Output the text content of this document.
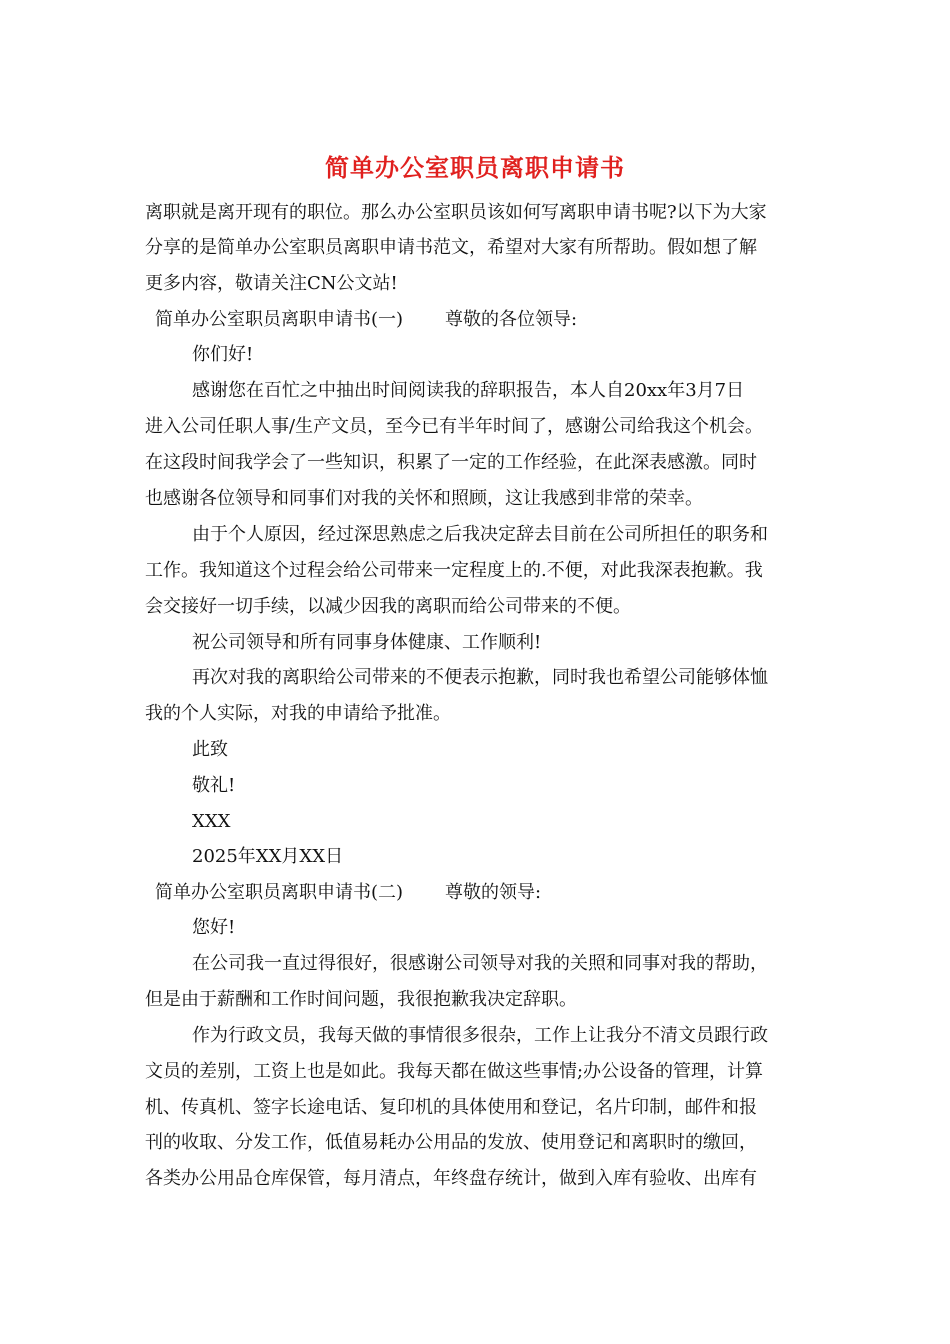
简单办公室职员离职申请书
离职就是离开现有的职位。那么办公室职员该如何写离职申请书呢?以下为大家
分享的是简单办公室职员离职申请书范文，希望对大家有所帮助。假如想了解
更多内容，敬请关注CN公文站!
简单办公室职员离职申请书(一) 尊敬的各位领导:
你们好!
感谢您在百忙之中抽出时间阅读我的辞职报告，本人自20xx年3月7日
进入公司任职人事/生产文员，至今已有半年时间了，感谢公司给我这个机会。
在这段时间我学会了一些知识，积累了一定的工作经验，在此深表感激。同时
也感谢各位领导和同事们对我的关怀和照顾，这让我感到非常的荣幸。
由于个人原因，经过深思熟虑之后我决定辞去目前在公司所担任的职务和
工作。我知道这个过程会给公司带来一定程度上的.不便，对此我深表抱歉。我
会交接好一切手续，以减少因我的离职而给公司带来的不便。
祝公司领导和所有同事身体健康、工作顺利!
再次对我的离职给公司带来的不便表示抱歉，同时我也希望公司能够体恤
我的个人实际，对我的申请给予批准。
此致
敬礼!
XXX
2025年XX月XX日
简单办公室职员离职申请书(二) 尊敬的领导:
您好!
在公司我一直过得很好，很感谢公司领导对我的关照和同事对我的帮助，
但是由于薪酬和工作时间问题，我很抱歉我决定辞职。
作为行政文员，我每天做的事情很多很杂，工作上让我分不清文员跟行政
文员的差别，工资上也是如此。我每天都在做这些事情;办公设备的管理，计算
机、传真机、签字长途电话、复印机的具体使用和登记，名片印制，邮件和报
刊的收取、分发工作，低值易耗办公用品的发放、使用登记和离职时的缴回，
各类办公用品仓库保管，每月清点，年终盘存统计，做到入库有验收、出库有
